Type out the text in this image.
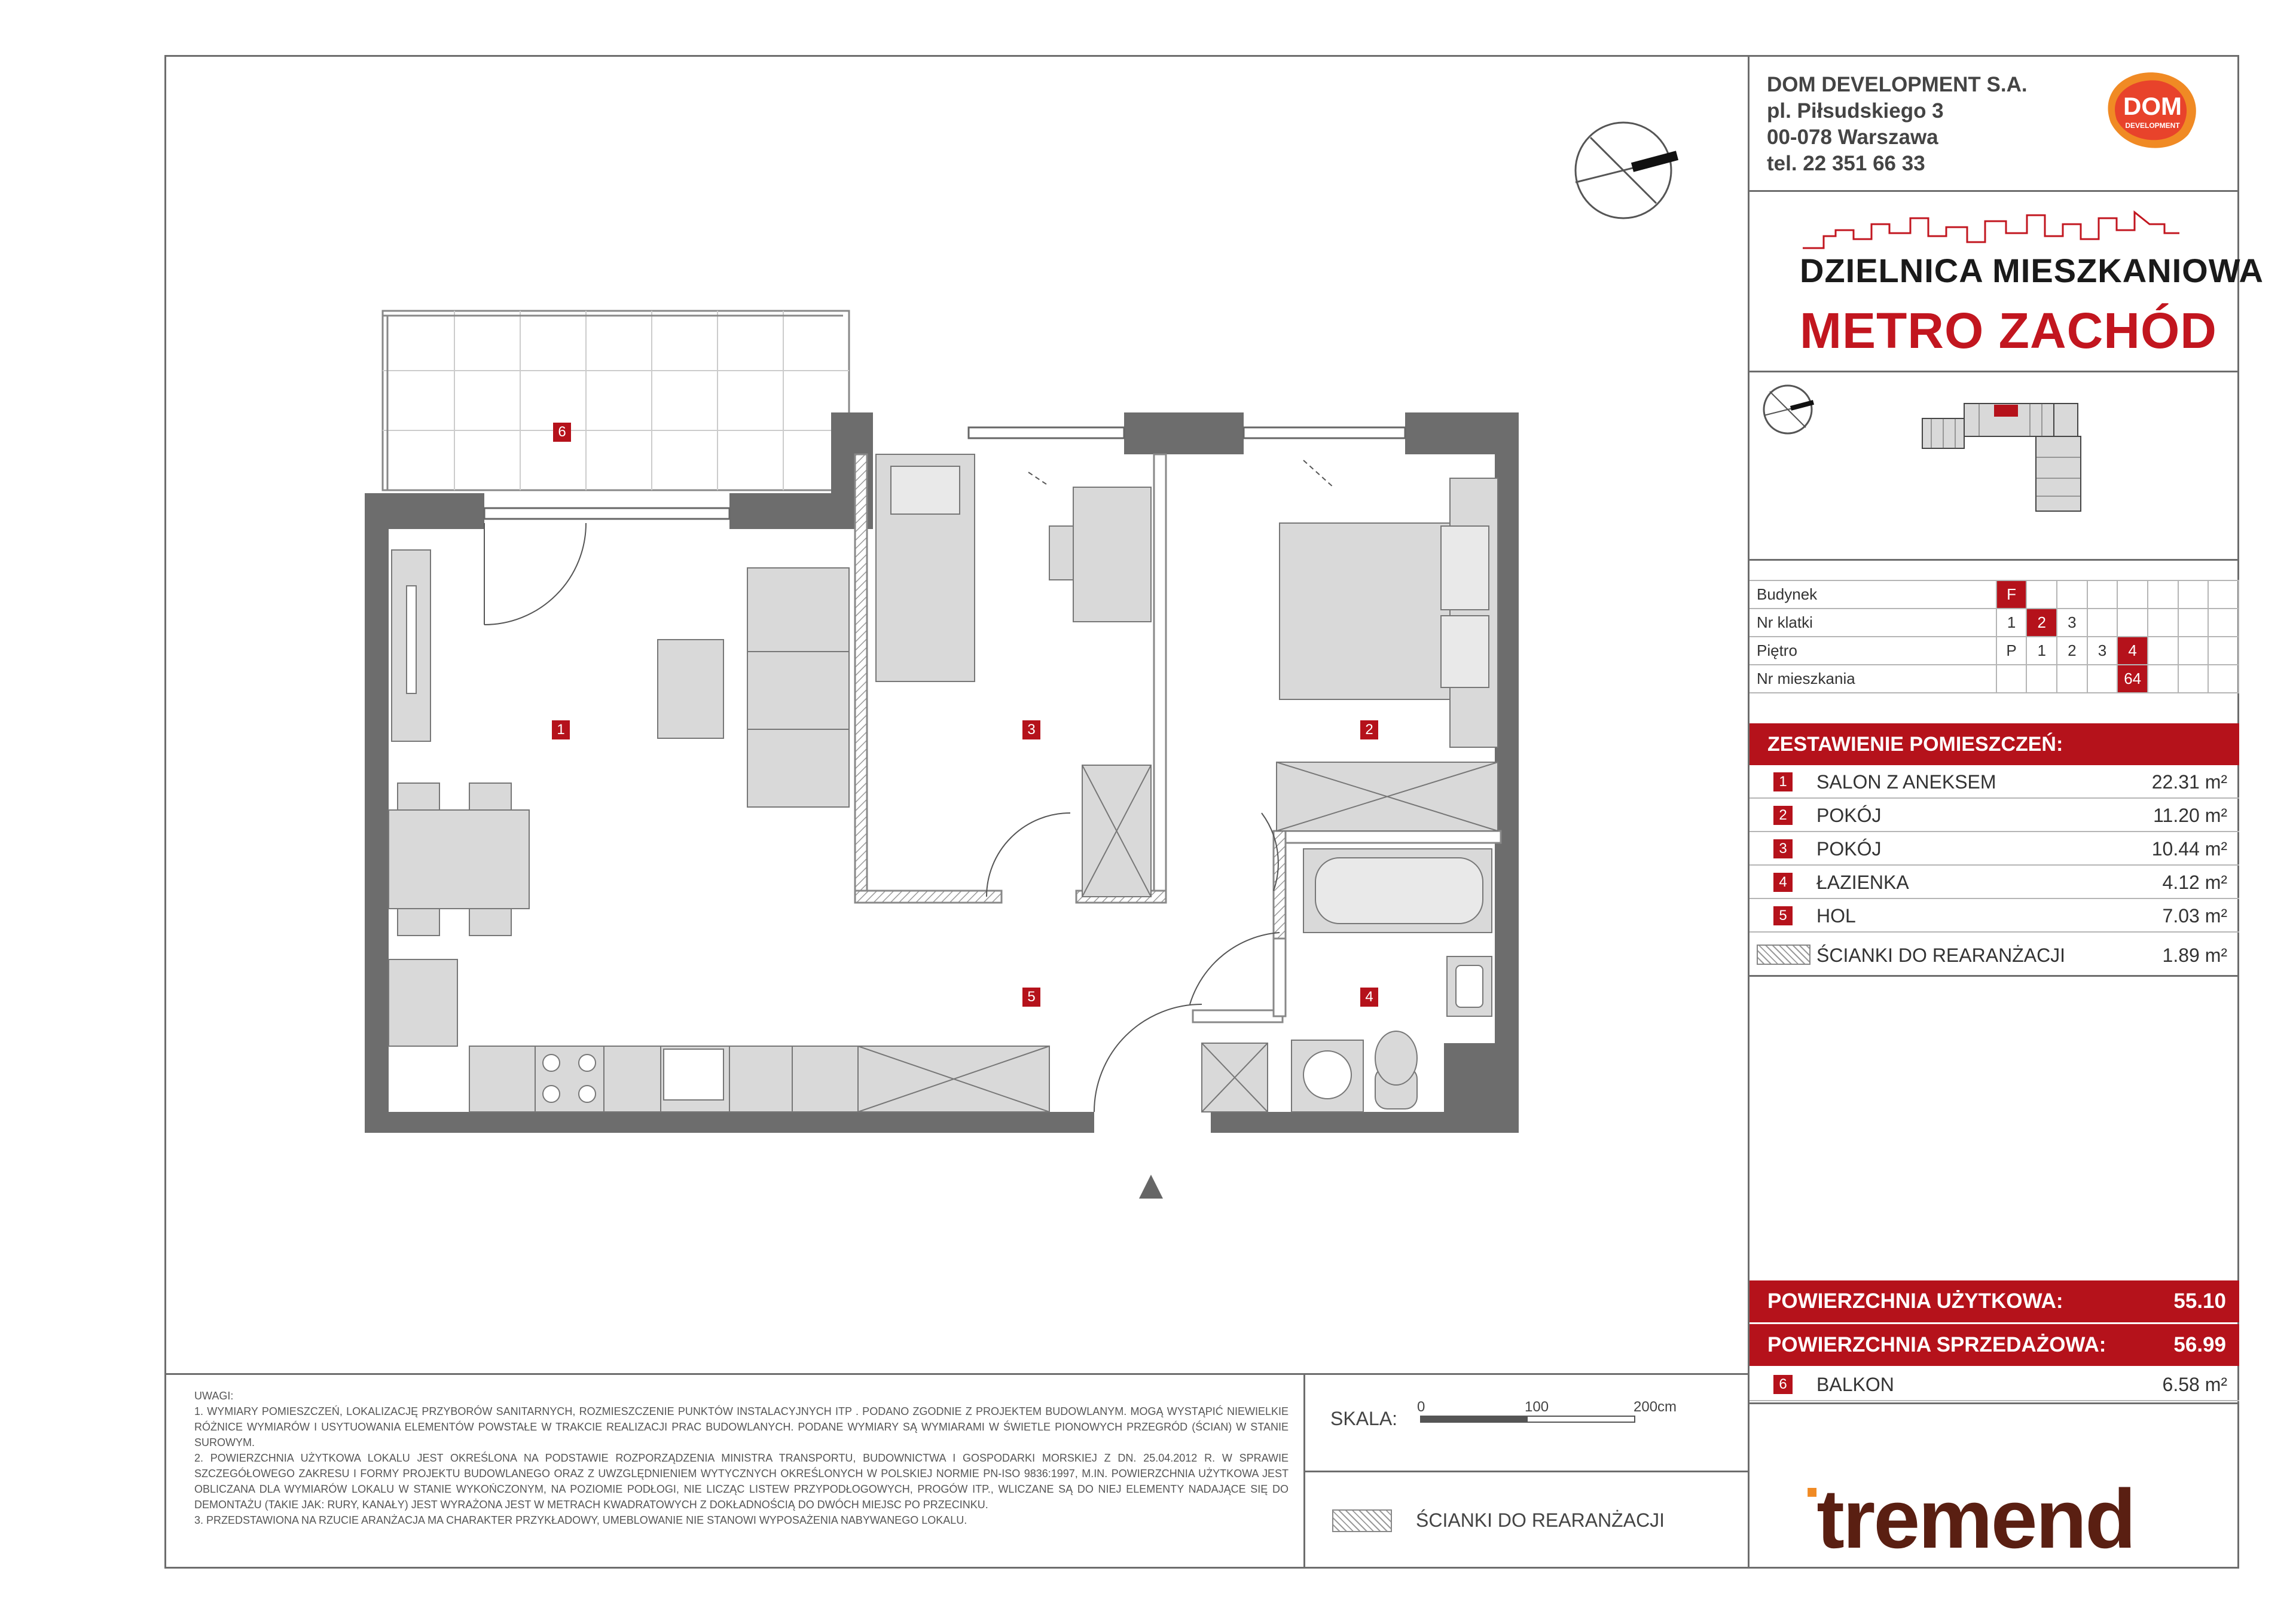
DOM DEVELOPMENT S.A.
pl. Piłsudskiego 3
00-078 Warszawa
tel. 22 351 66 33
DOM
DEVELOPMENT
DZIELNICA MIESZKANIOWA
METRO ZACHÓD
Budynek	F							
Nr klatki	1	2	3					
Piętro	P	1	2	3	4			
Nr mieszkania					64			
ZESTAWIENIE POMIESZCZEŃ:
1 SALON Z ANEKSEM	22.31 m²
2 POKÓJ	11.20 m²
3 POKÓJ	10.44 m²
4 ŁAZIENKA	4.12 m²
5 HOL	7.03 m²
ŚCIANKI DO REARANŻACJI	1.89 m²
POWIERZCHNIA UŻYTKOWA:	55.10
POWIERZCHNIA SPRZEDAŻOWA:	56.99
6 BALKON	6.58 m²
1	2
3
4
5
6

UWAGI:

1. WYMIARY POMIESZCZEŃ, LOKALIZACJĘ PRZYBORÓW SANITARNYCH, ROZMIESZCZENIE PUNKTÓW INSTALACYJNYCH ITP . PODANO ZGODNIE Z PROJEKTEM BUDOWLANYM. MOGĄ WYSTĄPIĆ NIEWIELKIE RÓŻNICE WYMIARÓW I USYTUOWANIA ELEMENTÓW POWSTAŁE W TRAKCIE REALIZACJI PRAC BUDOWLANYCH. PODANE WYMIARY SĄ WYMIARAMI W ŚWIETLE PIONOWYCH PRZEGRÓD (ŚCIAN) W STANIE SUROWYM.

2. POWIERZCHNIA UŻYTKOWA LOKALU JEST OKREŚLONA NA PODSTAWIE ROZPORZĄDZENIA MINISTRA TRANSPORTU, BUDOWNICTWA I GOSPODARKI MORSKIEJ Z DN. 25.04.2012 R. W SPRAWIE SZCZEGÓŁOWEGO ZAKRESU I FORMY PROJEKTU BUDOWLANEGO ORAZ Z UWZGLĘDNIENIEM WYTYCZNYCH OKREŚLONYCH W POLSKIEJ NORMIE PN-ISO 9836:1997, M.IN. POWIERZCHNIA UŻYTKOWA JEST OBLICZANA DLA WYMIARÓW LOKALU W STANIE WYKOŃCZONYM, NA POZIOMIE PODŁOGI, NIE LICZĄC LISTEW PRZYPODŁOGOWYCH, PROGÓW ITP., WLICZANE SĄ DO NIEJ ELEMENTY NADAJĄCE SIĘ DO DEMONTAŻU (TAKIE JAK: RURY, KANAŁY) JEST WYRAŻONA JEST W METRACH KWADRATOWYCH Z DOKŁADNOŚCIĄ DO DWÓCH MIEJSC PO PRZECINKU.

3. PRZEDSTAWIONA NA RZUCIE ARANŻACJA MA CHARAKTER PRZYKŁADOWY, UMEBLOWANIE NIE STANOWI WYPOSAŻENIA NABYWANEGO LOKALU.

SKALA:
0	100	200cm
ŚCIANKI DO REARANŻACJI
▪tremend
